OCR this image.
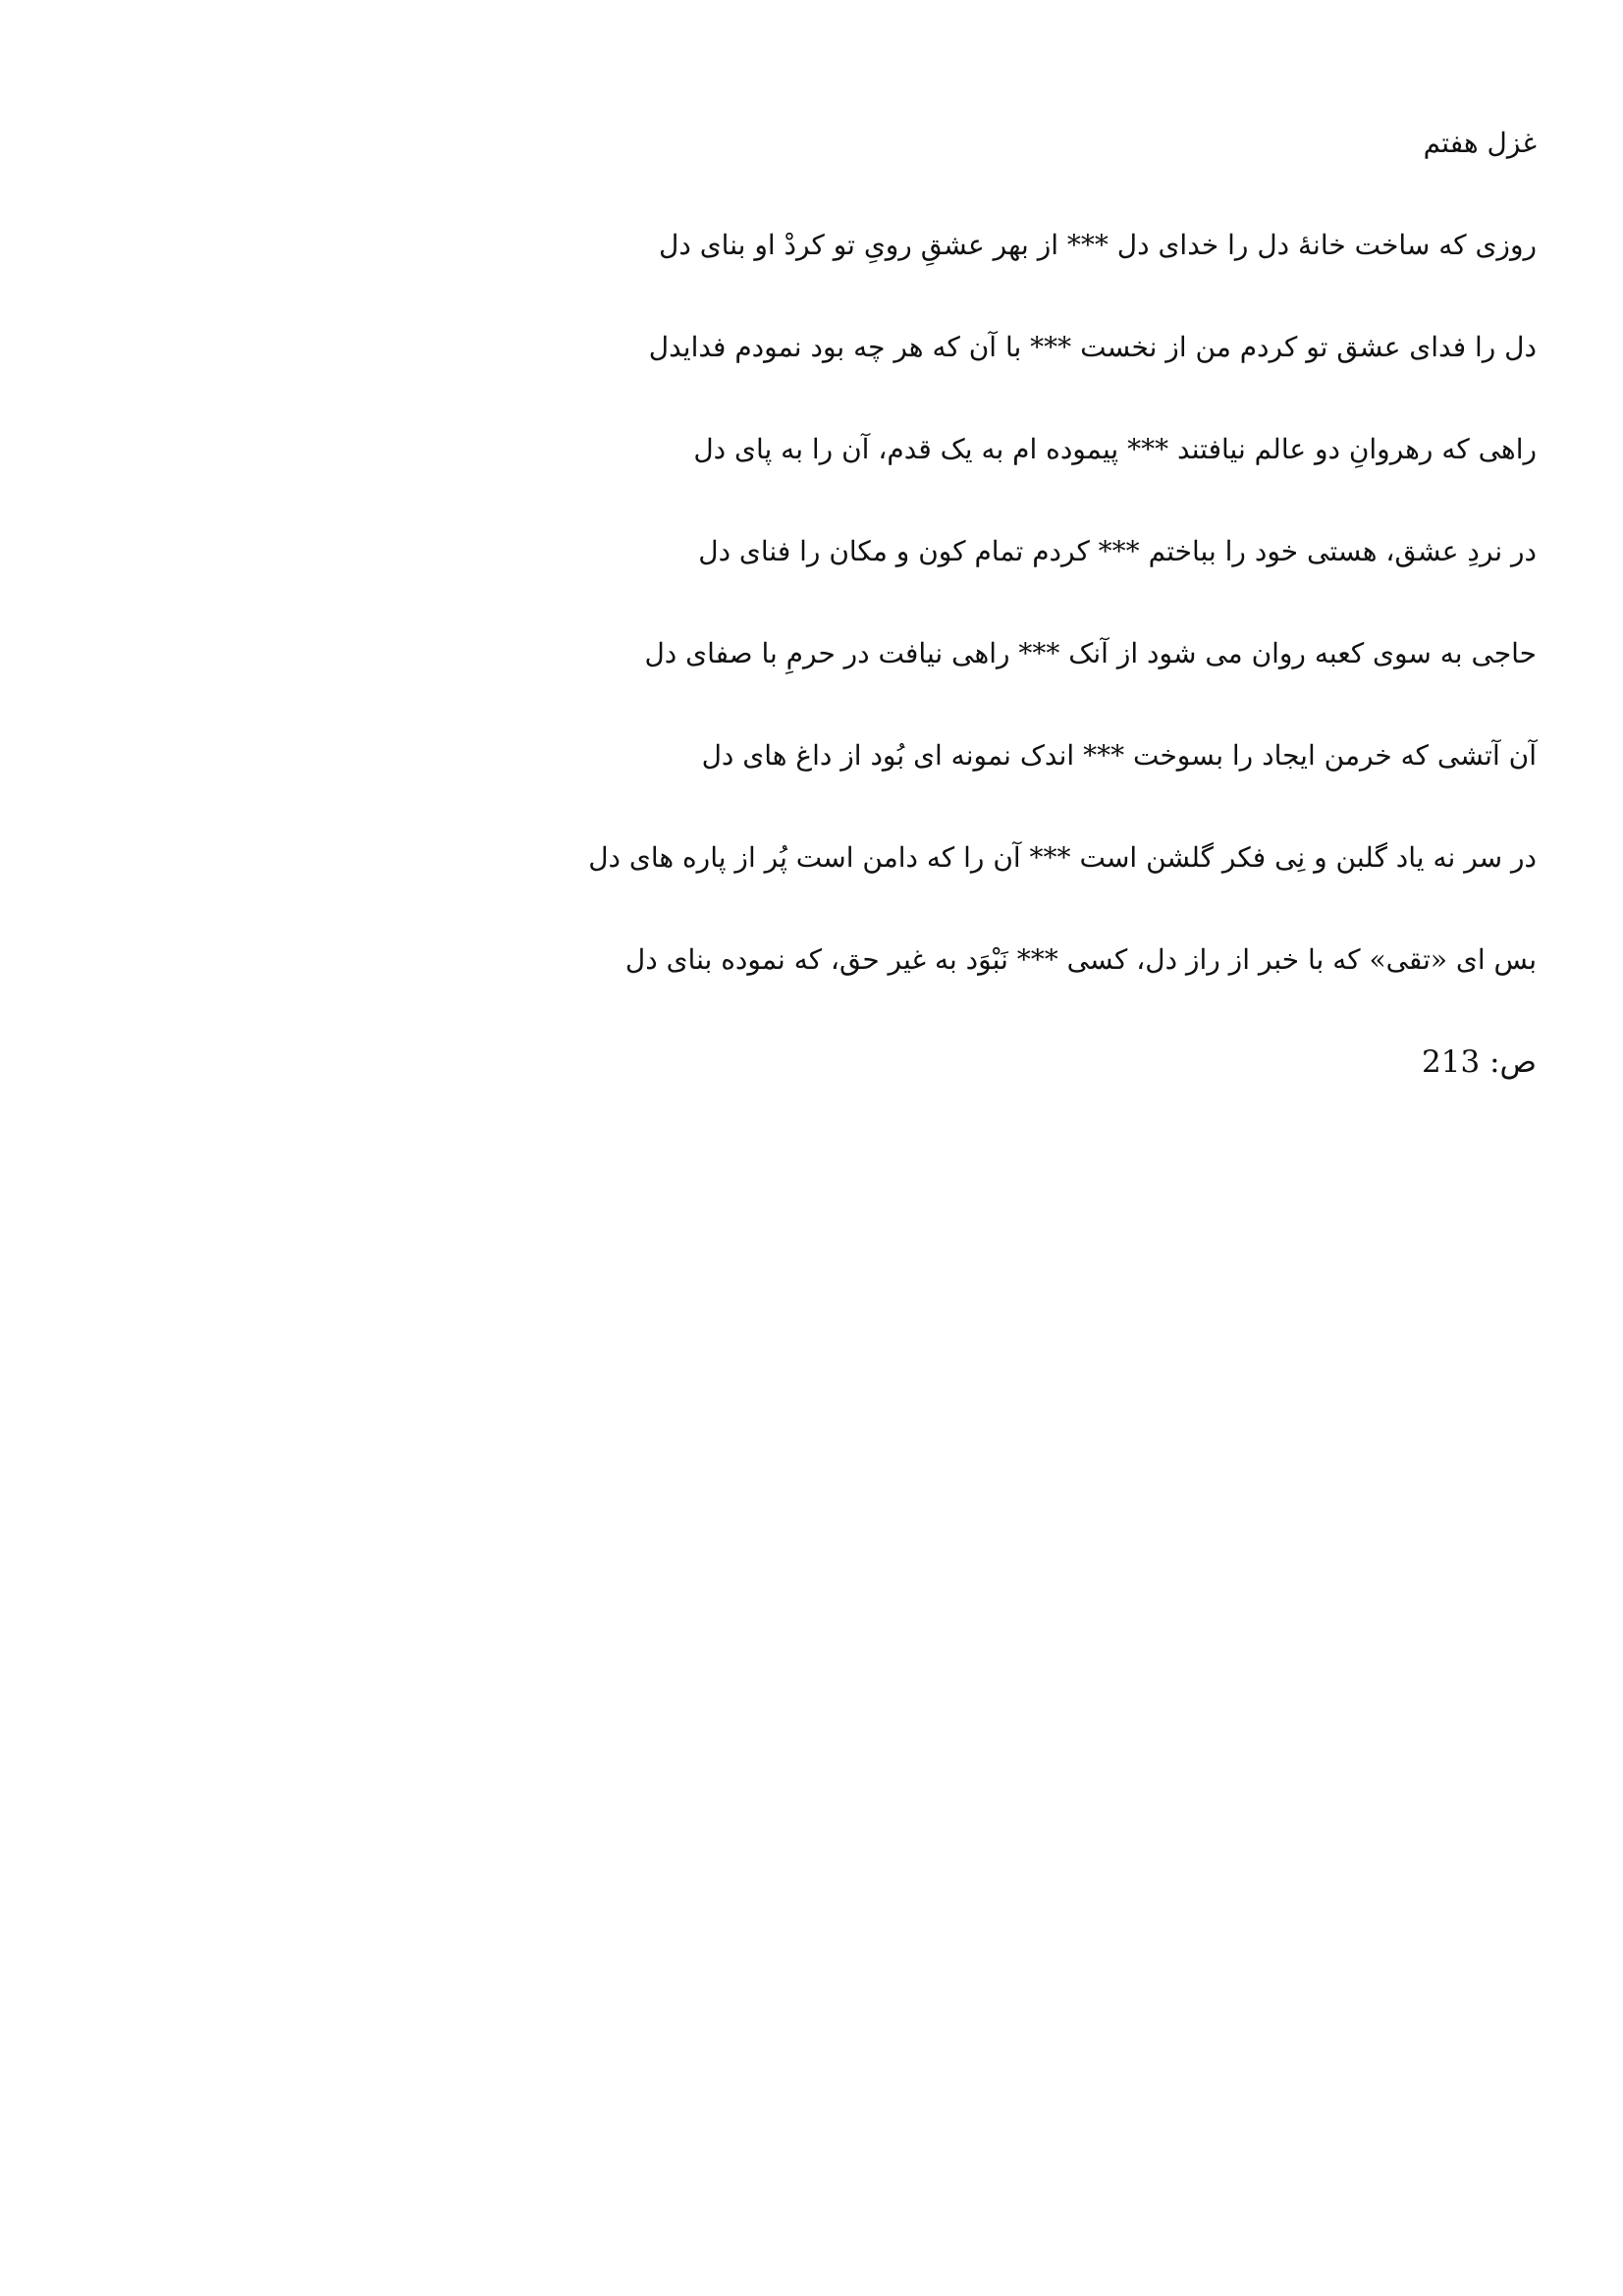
غزل هفتم
روزی که ساخت خانۀ دل را خدای دل *** از بهر عشقِ رویِ تو کردْ او بنای دل
دل را فدای عشق تو کردم من از نخست *** با آن که هر چه بود نمودم فدایدل
راهی که رهروانِ دو عالم نیافتند *** پیموده ام به یک قدم، آن را به پای دل
در نردِ عشق، هستی خود را بباختم *** کردم تمام کون و مکان را فنای دل
حاجی به سوی کعبه روان می شود از آنک *** راهی نیافت در حرمِ با صفای دل
آن آتشی که خرمن ایجاد را بسوخت *** اندک نمونه ای بُود از داغ های دل
در سر نه یاد گلبن و نِی فکر گلشن است *** آن را که دامن است پُر از پاره های دل
بس ای «تقی» که با خبر از راز دل، کسی *** نَبْوَد به غیر حق، که نموده بنای دل
ص: 213
